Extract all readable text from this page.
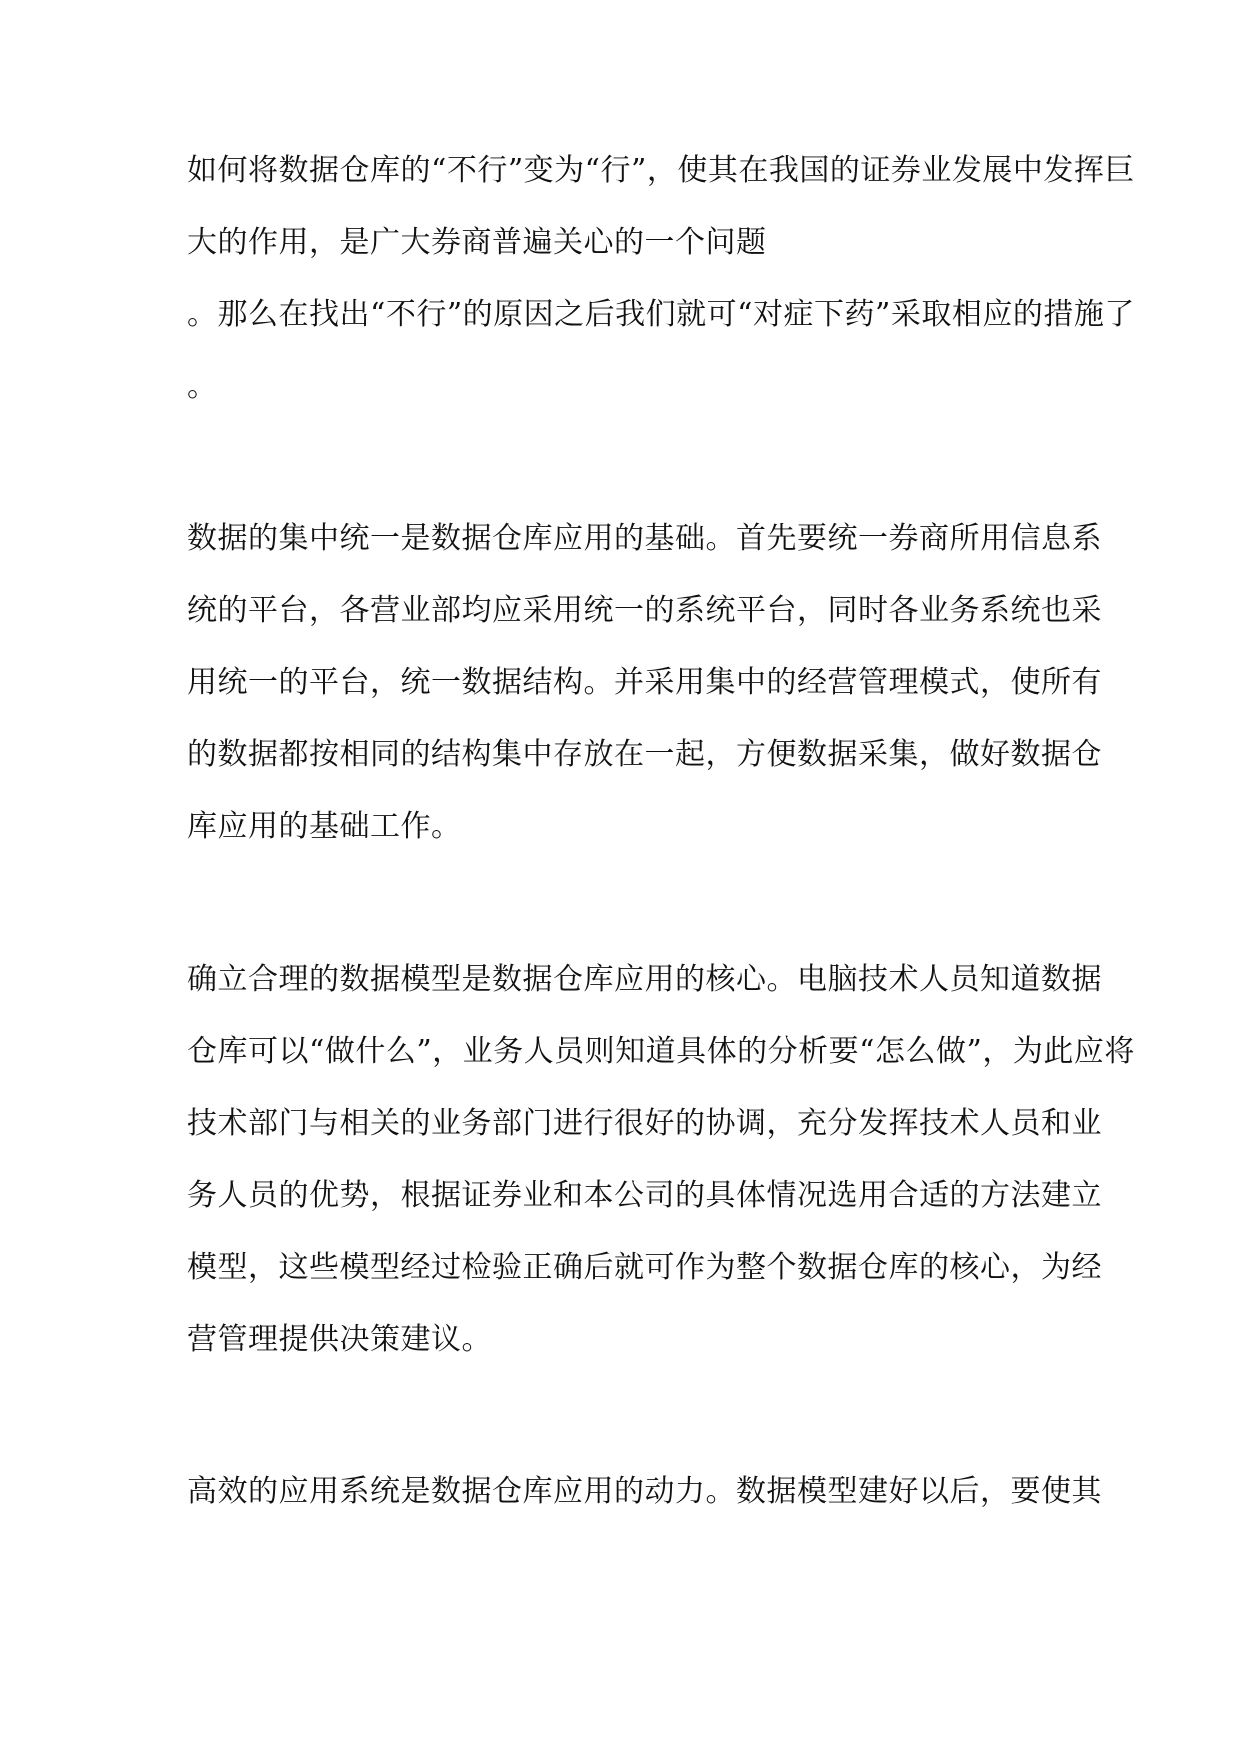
如何将数据仓库的“不行”变为“行”，使其在我国的证券业发展中发挥巨
大的作用，是广大券商普遍关心的一个问题
。那么在找出“不行”的原因之后我们就可“对症下药”采取相应的措施了
。
数据的集中统一是数据仓库应用的基础。首先要统一券商所用信息系
统的平台，各营业部均应采用统一的系统平台，同时各业务系统也采
用统一的平台，统一数据结构。并采用集中的经营管理模式，使所有
的数据都按相同的结构集中存放在一起，方便数据采集，做好数据仓
库应用的基础工作。
确立合理的数据模型是数据仓库应用的核心。电脑技术人员知道数据
仓库可以“做什么”，业务人员则知道具体的分析要“怎么做”，为此应将
技术部门与相关的业务部门进行很好的协调，充分发挥技术人员和业
务人员的优势，根据证券业和本公司的具体情况选用合适的方法建立
模型，这些模型经过检验正确后就可作为整个数据仓库的核心，为经
营管理提供决策建议。
高效的应用系统是数据仓库应用的动力。数据模型建好以后，要使其
